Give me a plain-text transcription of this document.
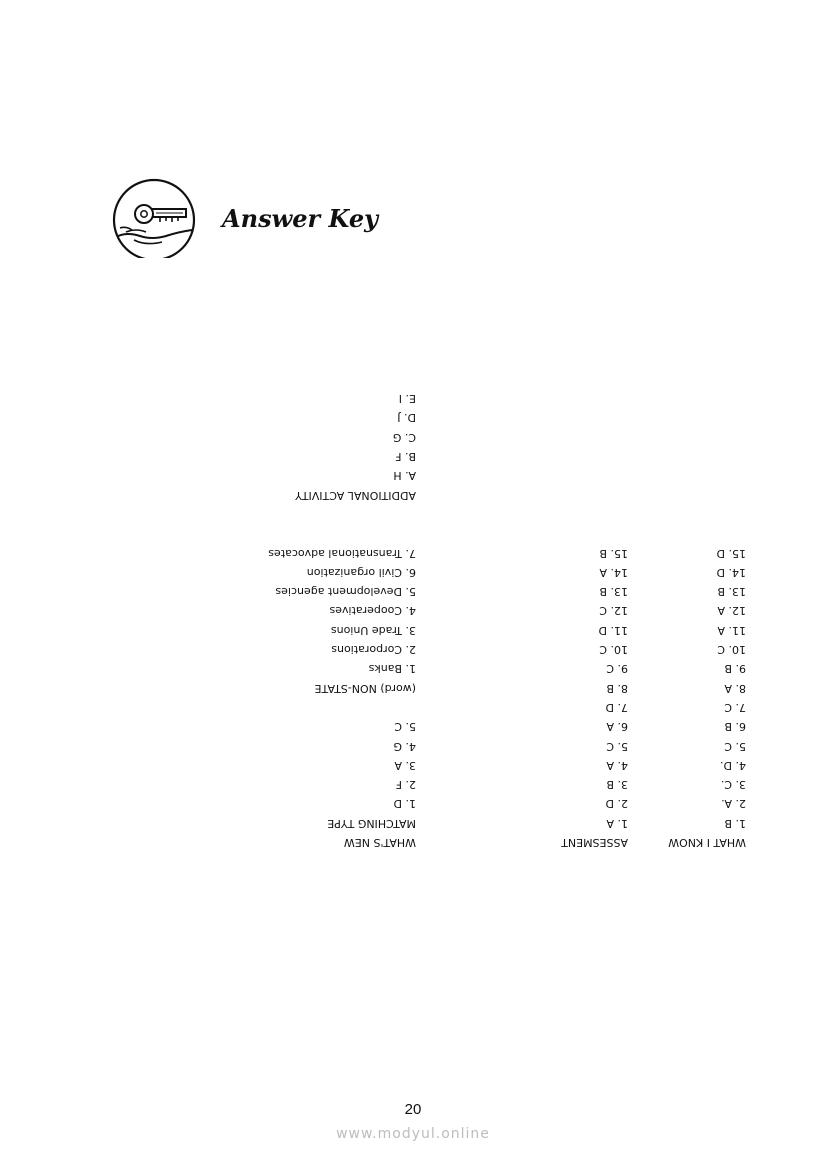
Answer Key
WHAT I KNOW
1. B
2. A.
3. C.
4. D.
5. C
6. B
7. C
8. A
9. B
10. C
11. A
12. A
13. B
14. D
15. D
ASSESMENT
1. A
2. D
3. B
4. A
5. C
6. A
7. D
8. B
9. C
10. C
11. D
12. C
13. B
14. A
15. B
WHAT'S NEW
MATCHING TYPE
1. D
2. F
3. A
4. G
5. C

(word) NON-STATE
1. Banks
2. Corporations
3. Trade Unions
4. Cooperatives
5. Development agencies
6. Civil organization
7. Transnational advocates

ADDITIONAL ACTIVITY
A. H
B. F
C. G
D. J
E. I
20
www.modyul.online
